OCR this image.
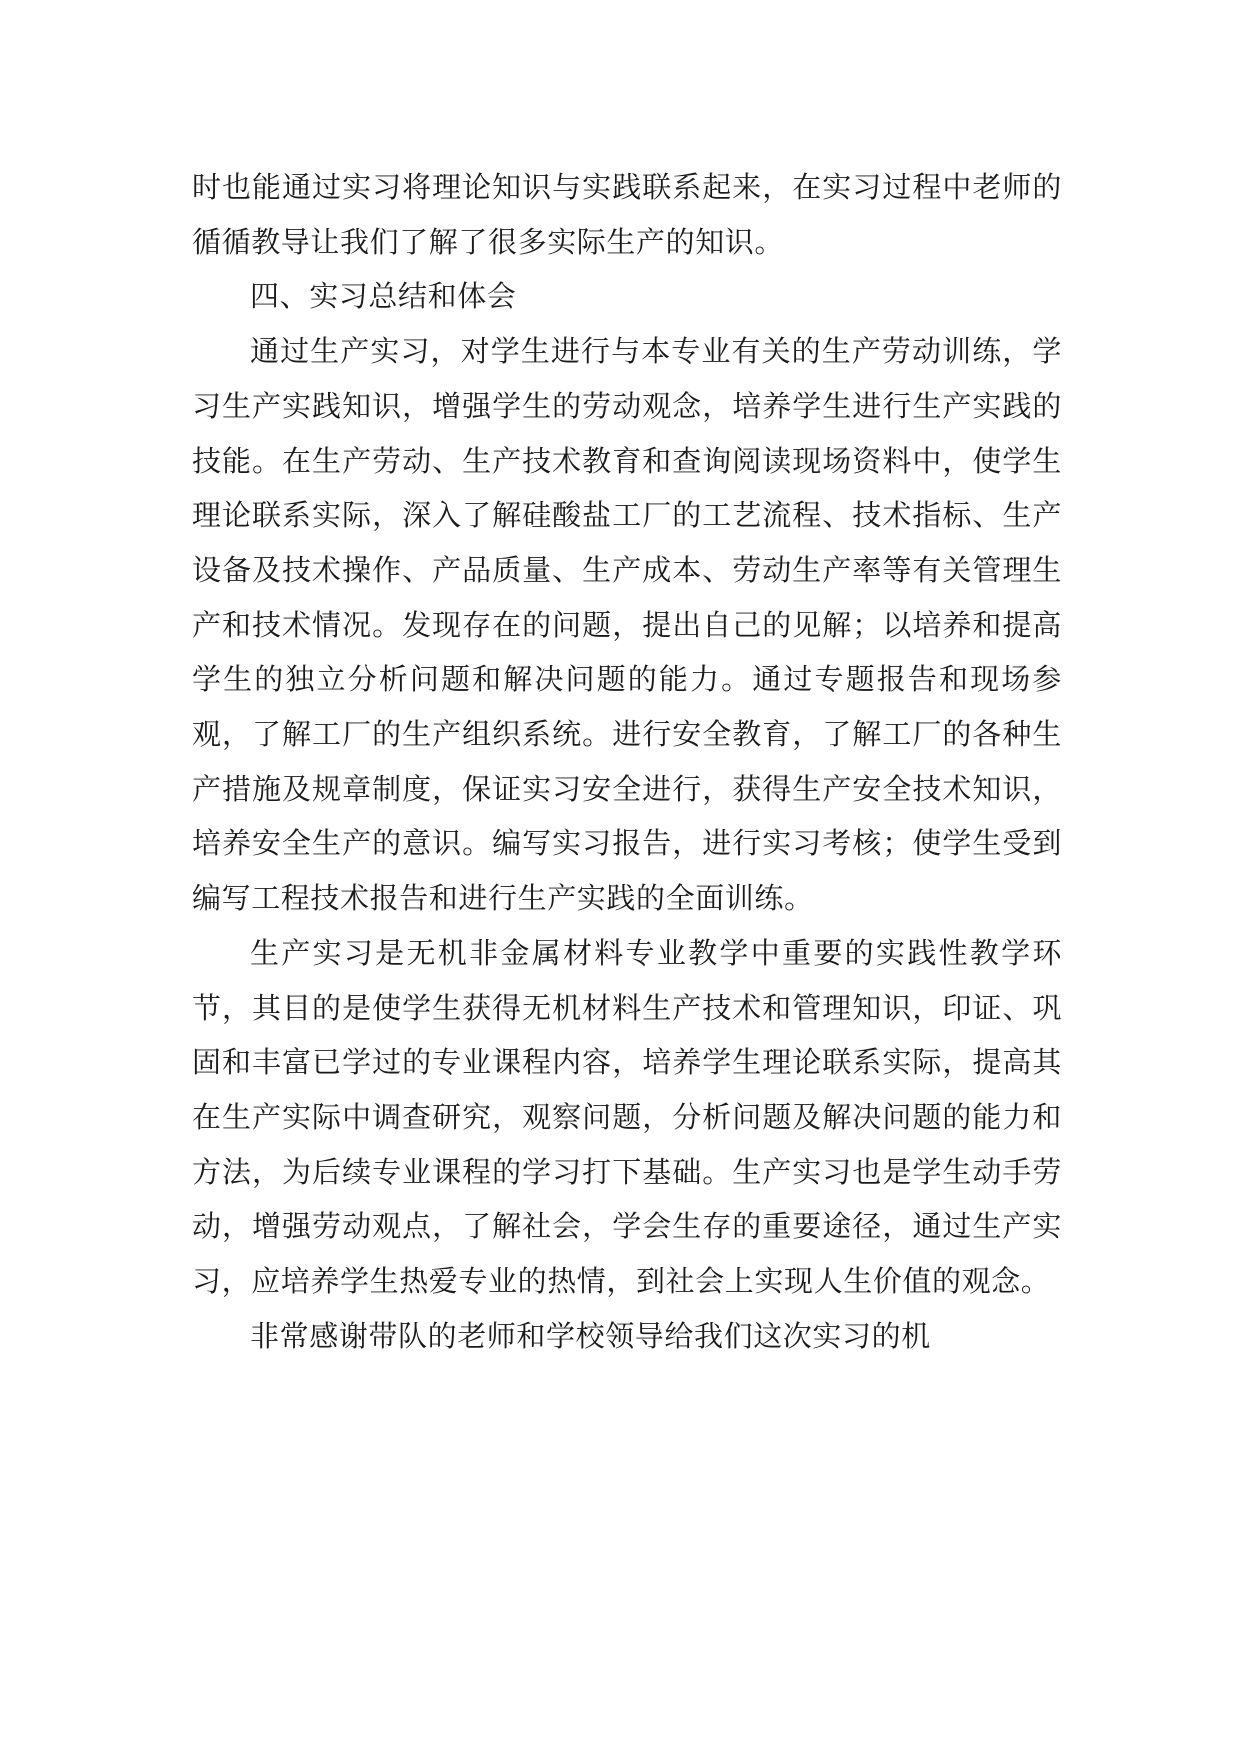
时也能通过实习将理论知识与实践联系起来，在实习过程中老师的循循教导让我们了解了很多实际生产的知识。

四、实习总结和体会

通过生产实习，对学生进行与本专业有关的生产劳动训练，学习生产实践知识，增强学生的劳动观念，培养学生进行生产实践的技能。在生产劳动、生产技术教育和查询阅读现场资料中，使学生理论联系实际，深入了解硅酸盐工厂的工艺流程、技术指标、生产设备及技术操作、产品质量、生产成本、劳动生产率等有关管理生产和技术情况。发现存在的问题，提出自己的见解；以培养和提高学生的独立分析问题和解决问题的能力。通过专题报告和现场参观，了解工厂的生产组织系统。进行安全教育，了解工厂的各种生产措施及规章制度，保证实习安全进行，获得生产安全技术知识，培养安全生产的意识。编写实习报告，进行实习考核；使学生受到编写工程技术报告和进行生产实践的全面训练。

生产实习是无机非金属材料专业教学中重要的实践性教学环节，其目的是使学生获得无机材料生产技术和管理知识，印证、巩固和丰富已学过的专业课程内容，培养学生理论联系实际，提高其在生产实际中调查研究，观察问题，分析问题及解决问题的能力和方法，为后续专业课程的学习打下基础。生产实习也是学生动手劳动，增强劳动观点，了解社会，学会生存的重要途径，通过生产实习，应培养学生热爱专业的热情，到社会上实现人生价值的观念。

非常感谢带队的老师和学校领导给我们这次实习的机
